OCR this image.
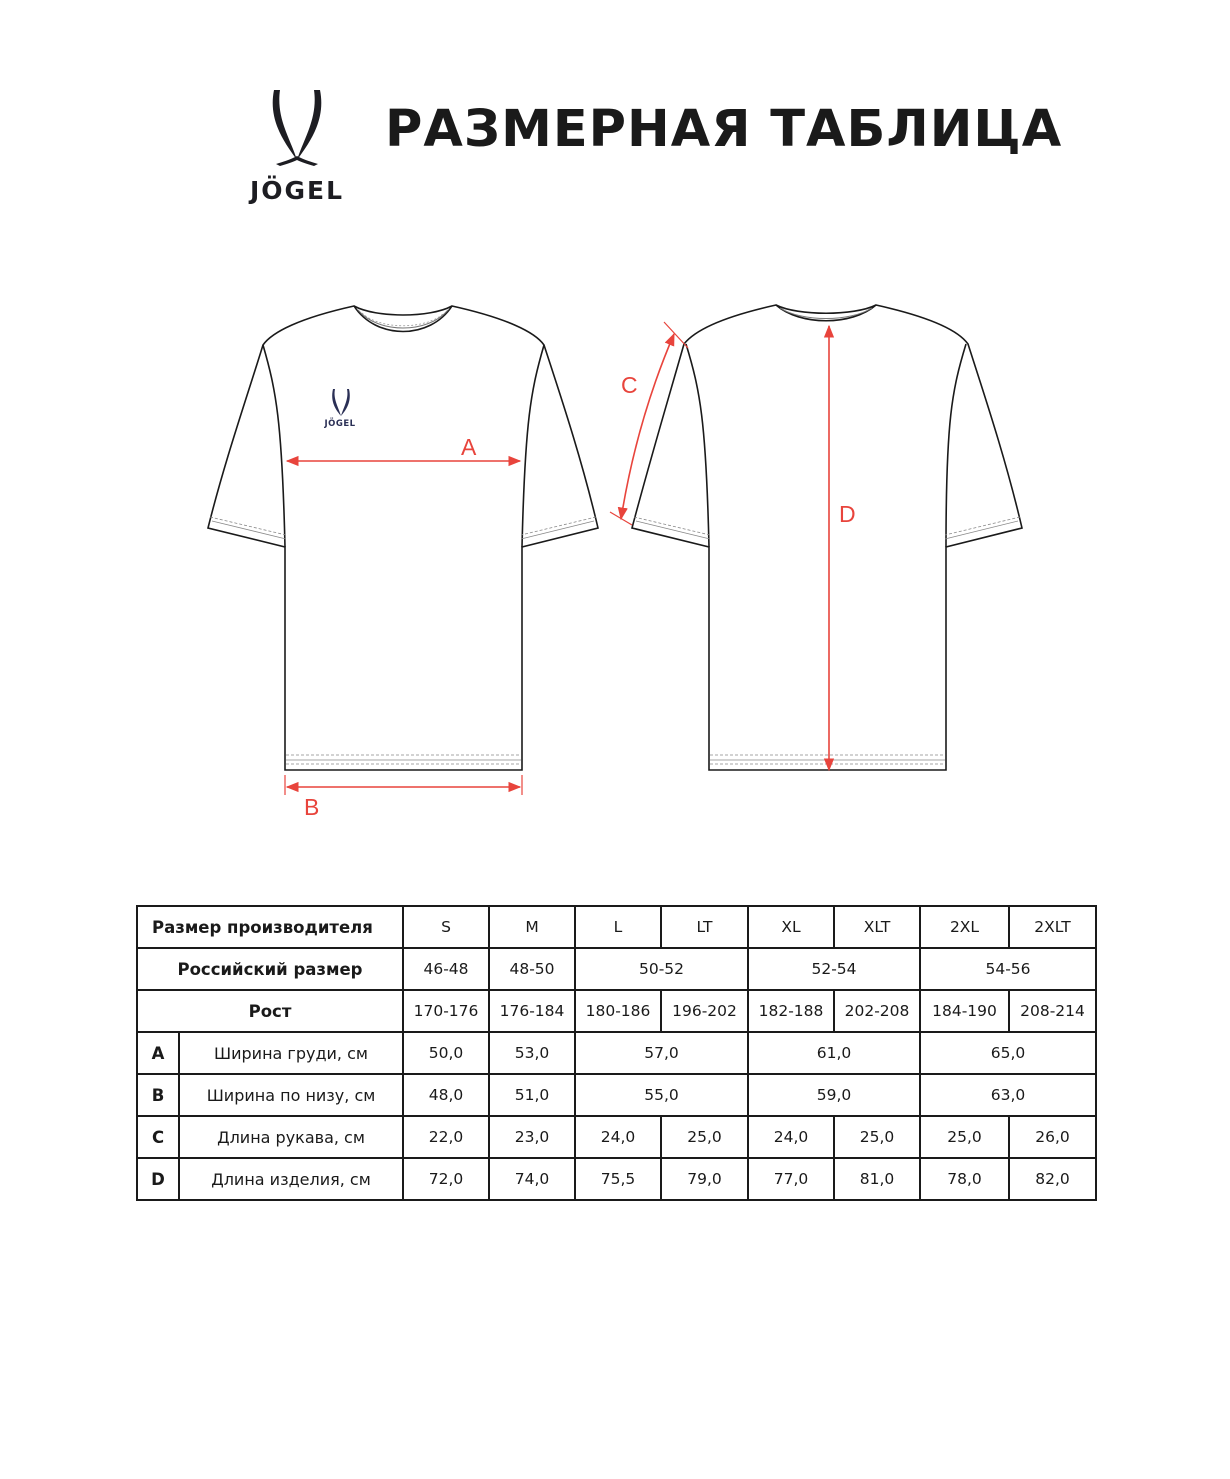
JÖGEL
РАЗМЕРНАЯ ТАБЛИЦА
JÖGEL
A
B
C
D
Размер производителя		S	M	L	LT	XL	XLT	2XL	2XLT
Российский размер		46-48	48-50	50-52		52-54		54-56	
Рост		170-176	176-184	180-186	196-202	182-188	202-208	184-190	208-214
A	Ширина груди, см	50,0	53,0	57,0		61,0		65,0	
B	Ширина по низу, см	48,0	51,0	55,0		59,0		63,0	
C	Длина рукава, см	22,0	23,0	24,0	25,0	24,0	25,0	25,0	26,0
D	Длина изделия, см	72,0	74,0	75,5	79,0	77,0	81,0	78,0	82,0
